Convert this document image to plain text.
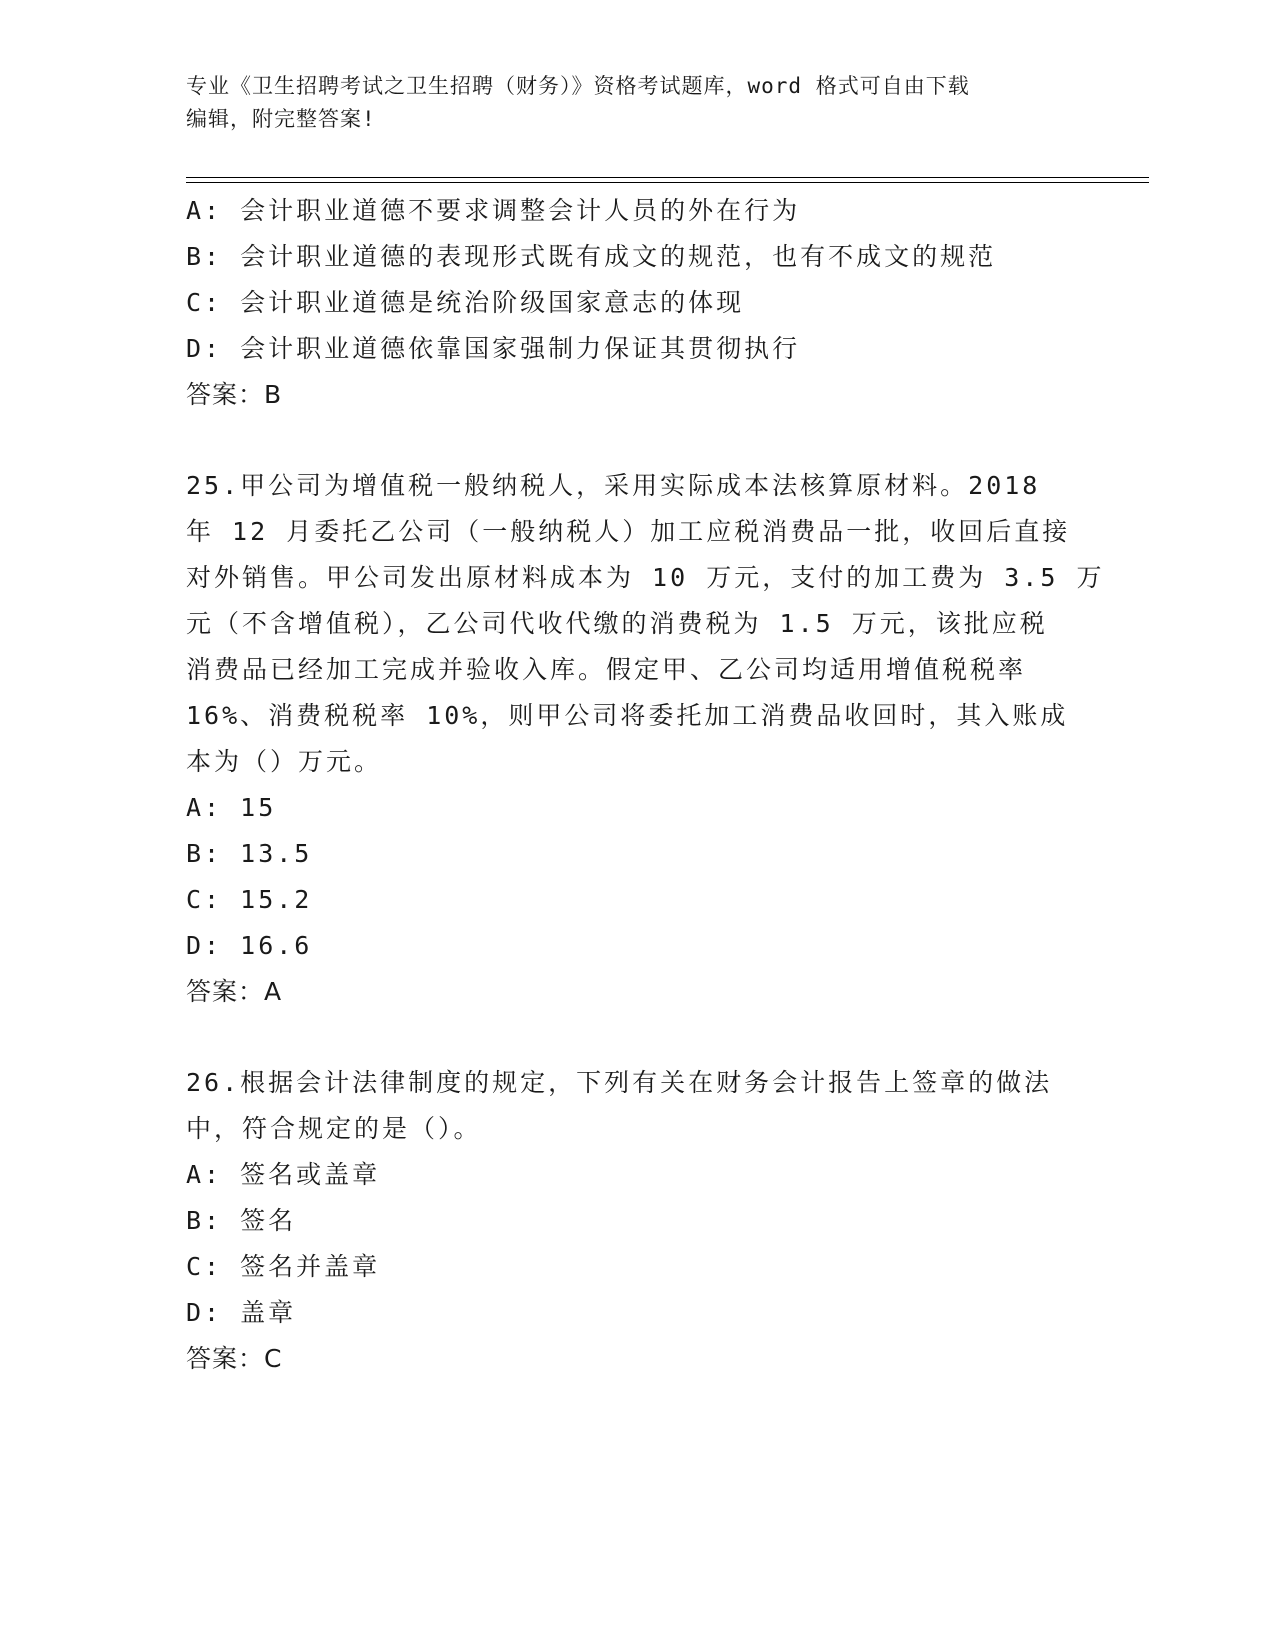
专业《卫生招聘考试之卫生招聘（财务）》资格考试题库，word 格式可自由下载
编辑，附完整答案!
A: 会计职业道德不要求调整会计人员的外在行为
B: 会计职业道德的表现形式既有成文的规范，也有不成文的规范
C: 会计职业道德是统治阶级国家意志的体现
D: 会计职业道德依靠国家强制力保证其贯彻执行
答案：B
25.甲公司为增值税一般纳税人，采用实际成本法核算原材料。2018
年 12 月委托乙公司（一般纳税人）加工应税消费品一批，收回后直接
对外销售。甲公司发出原材料成本为 10 万元，支付的加工费为 3.5 万
元（不含增值税），乙公司代收代缴的消费税为 1.5 万元，该批应税
消费品已经加工完成并验收入库。假定甲、乙公司均适用增值税税率
16%、消费税税率 10%，则甲公司将委托加工消费品收回时，其入账成
本为（）万元。
A: 15
B: 13.5
C: 15.2
D: 16.6
答案：A
26.根据会计法律制度的规定，下列有关在财务会计报告上签章的做法
中，符合规定的是（）。
A: 签名或盖章
B: 签名
C: 签名并盖章
D: 盖章
答案：C
